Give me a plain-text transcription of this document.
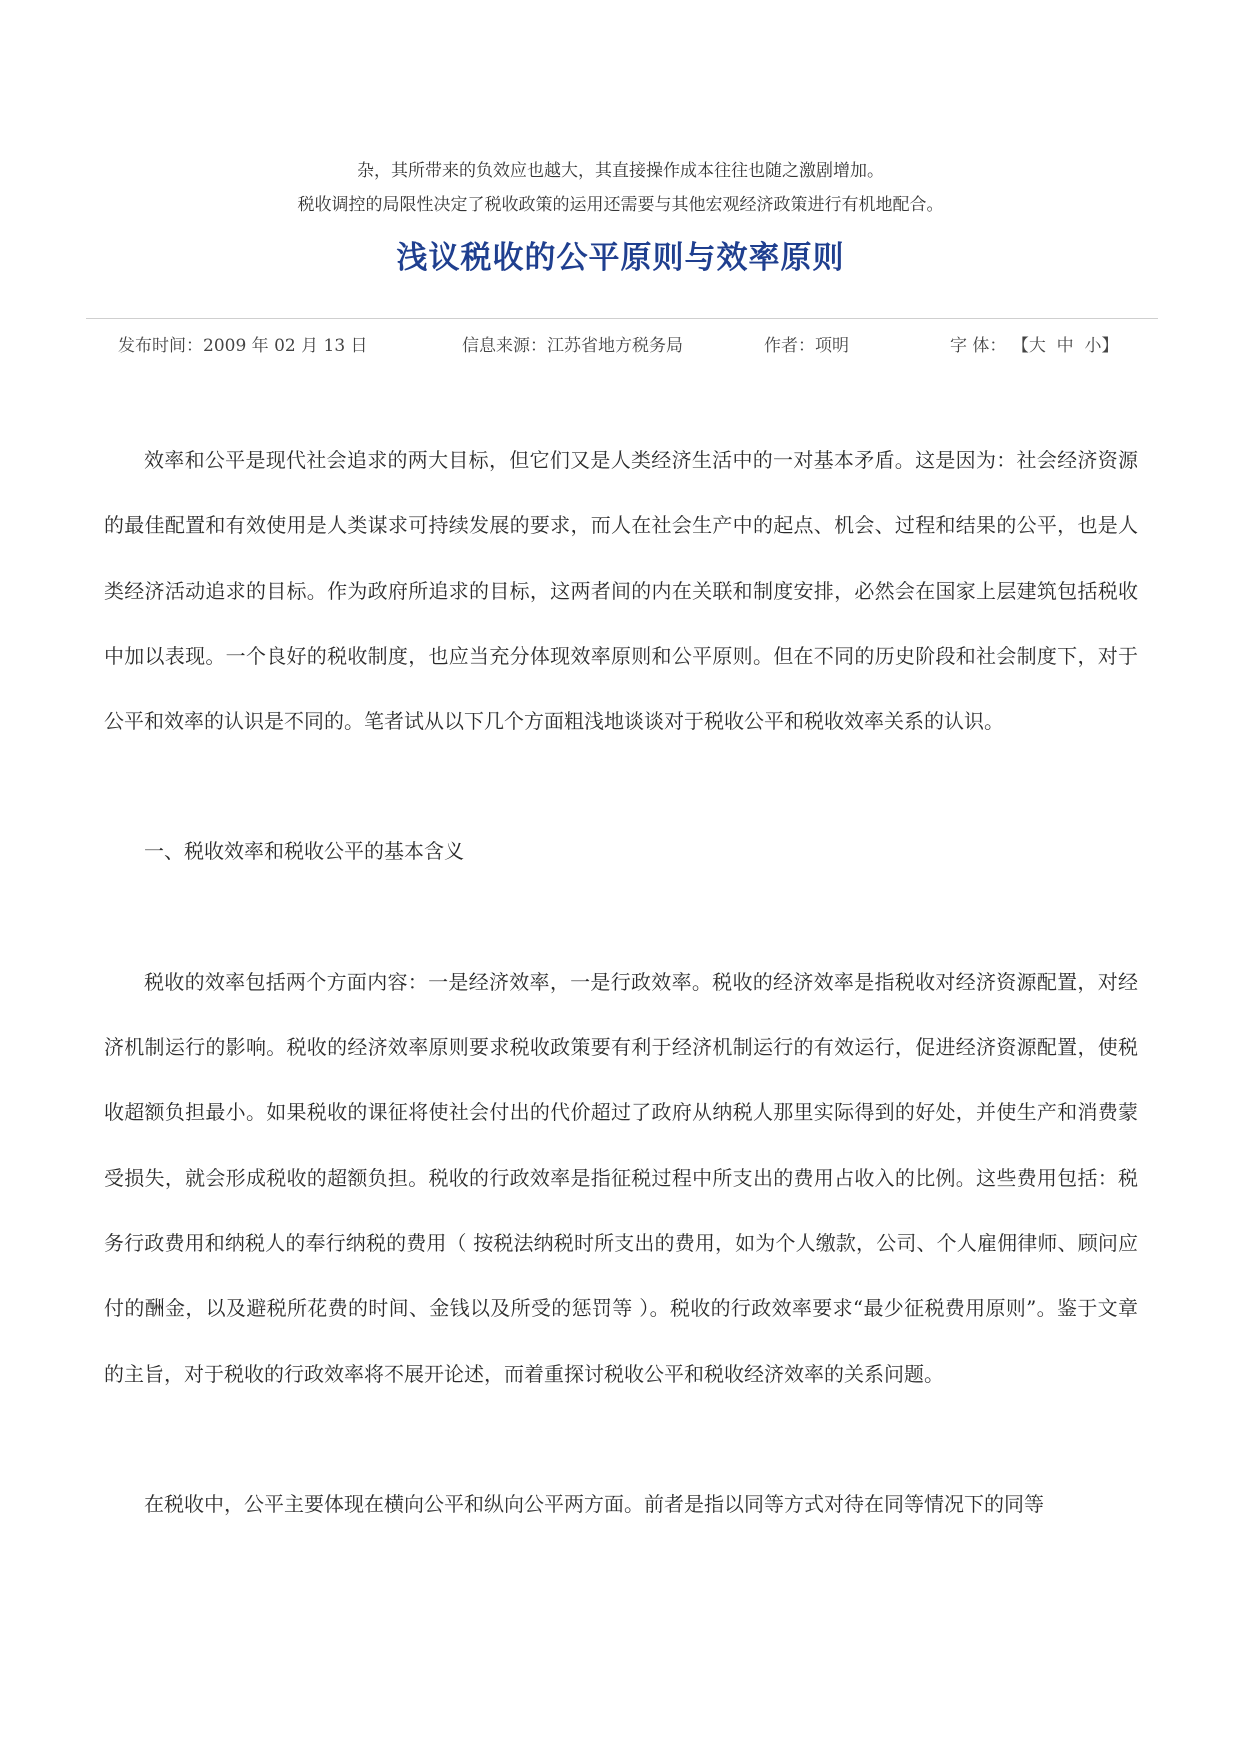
杂，其所带来的负效应也越大，其直接操作成本往往也随之激剧增加。
税收调控的局限性决定了税收政策的运用还需要与其他宏观经济政策进行有机地配合。
浅议税收的公平原则与效率原则
发布时间：2009 年 02 月 13 日	信息来源：江苏省地方税务局	作者：项明	字 体： 【大 中 小】

效率和公平是现代社会追求的两大目标，但它们又是人类经济生活中的一对基本矛盾。这是因为：社会经济资源的最佳配置和有效使用是人类谋求可持续发展的要求，而人在社会生产中的起点、机会、过程和结果的公平，也是人类经济活动追求的目标。作为政府所追求的目标，这两者间的内在关联和制度安排，必然会在国家上层建筑包括税收中加以表现。一个良好的税收制度，也应当充分体现效率原则和公平原则。但在不同的历史阶段和社会制度下，对于公平和效率的认识是不同的。笔者试从以下几个方面粗浅地谈谈对于税收公平和税收效率关系的认识。

一、税收效率和税收公平的基本含义

税收的效率包括两个方面内容：一是经济效率，一是行政效率。税收的经济效率是指税收对经济资源配置，对经济机制运行的影响。税收的经济效率原则要求税收政策要有利于经济机制运行的有效运行，促进经济资源配置，使税收超额负担最小。如果税收的课征将使社会付出的代价超过了政府从纳税人那里实际得到的好处，并使生产和消费蒙受损失，就会形成税收的超额负担。税收的行政效率是指征税过程中所支出的费用占收入的比例。这些费用包括：税务行政费用和纳税人的奉行纳税的费用（ 按税法纳税时所支出的费用，如为个人缴款，公司、个人雇佣律师、顾问应付的酬金，以及避税所花费的时间、金钱以及所受的惩罚等 ）。税收的行政效率要求“最少征税费用原则”。鉴于文章的主旨，对于税收的行政效率将不展开论述，而着重探讨税收公平和税收经济效率的关系问题。

在税收中，公平主要体现在横向公平和纵向公平两方面。前者是指以同等方式对待在同等情况下的同等
